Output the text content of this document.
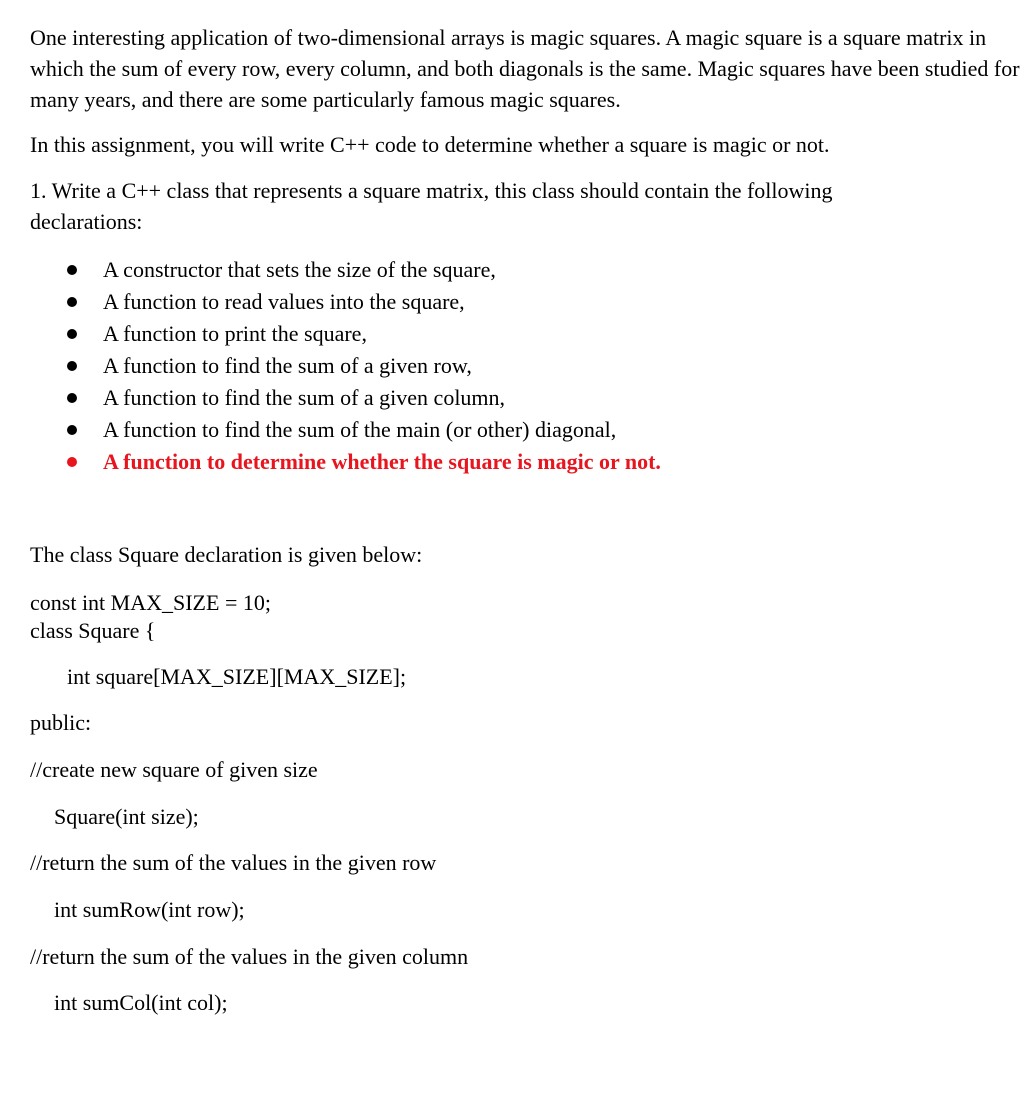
One interesting application of two-dimensional arrays is magic squares. A magic square is a square matrix in which the sum of every row, every column, and both diagonals is the same. Magic squares have been studied for many years, and there are some particularly famous magic squares.

In this assignment, you will write C++ code to determine whether a square is magic or not.

1. Write a C++ class that represents a square matrix, this class should contain the following declarations:

A constructor that sets the size of the square,
A function to read values into the square,
A function to print the square,
A function to find the sum of a given row,
A function to find the sum of a given column,
A function to find the sum of the main (or other) diagonal,
A function to determine whether the square is magic or not.

The class Square declaration is given below:

const int MAX_SIZE = 10;

class Square {

int square[MAX_SIZE][MAX_SIZE];

public:

//create new square of given size

Square(int size);

//return the sum of the values in the given row

int sumRow(int row);

//return the sum of the values in the given column

int sumCol(int col);
